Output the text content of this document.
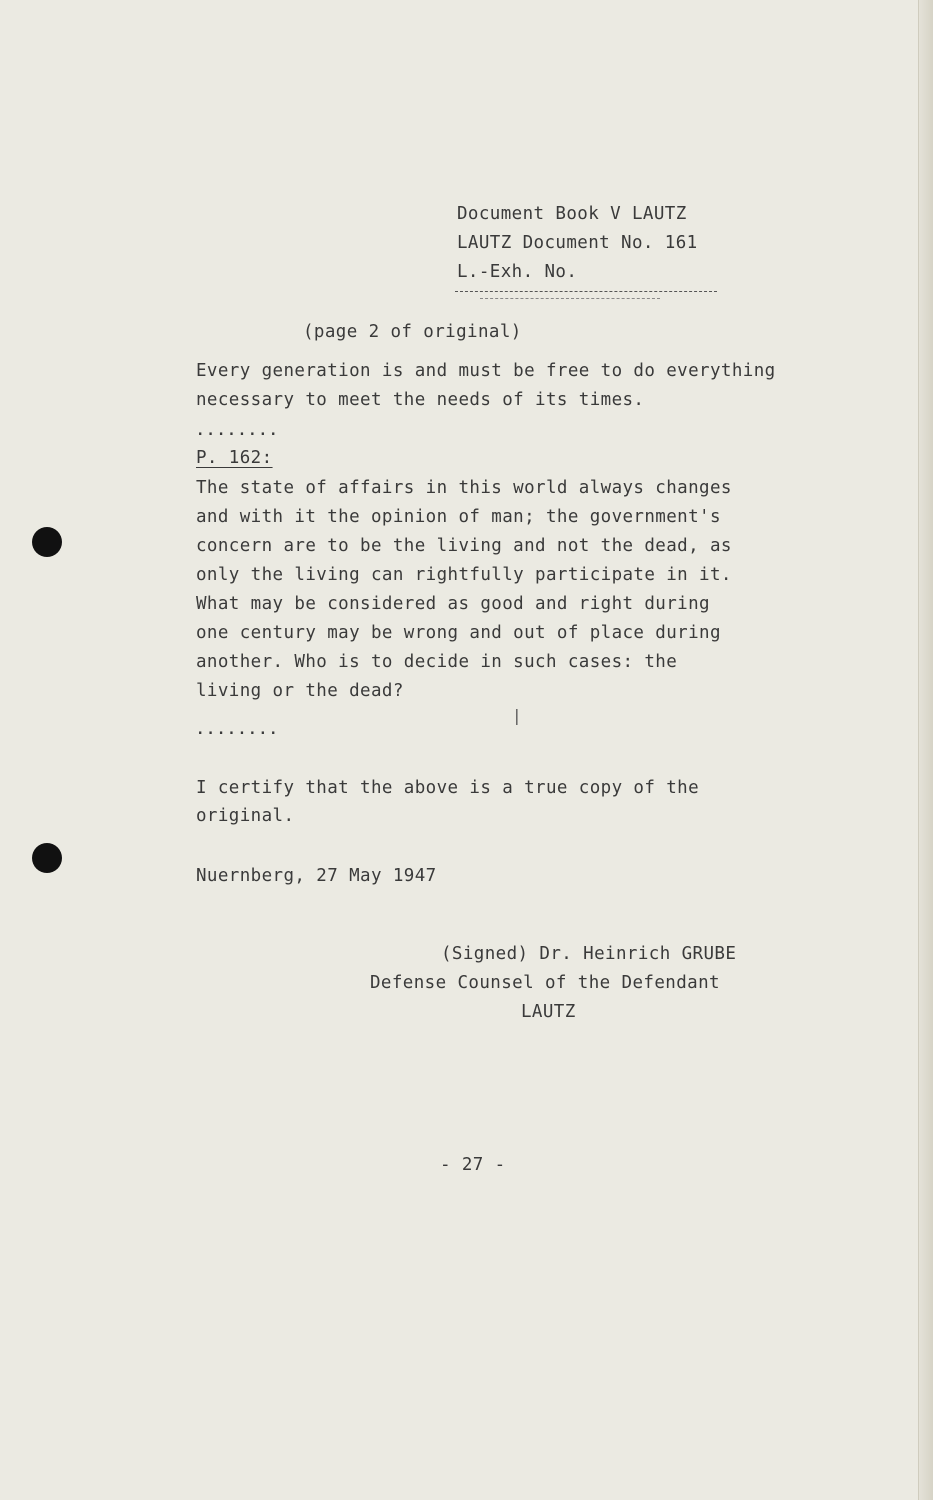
Document Book V LAUTZ
LAUTZ Document No. 161
L.-Exh. No.
(page 2 of original)
Every generation is and must be free to do everything
necessary to meet the needs of its times.
........
P. 162:
The state of affairs in this world always changes
and with it the opinion of man; the government's
concern are to be the living and not the dead, as
only the living can rightfully participate in it.
What may be considered as good and right during
one century may be wrong and out of place during
another. Who is to decide in such cases: the
living or the dead?
|
........
I certify that the above is a true copy of the
original.
Nuernberg, 27 May 1947
(Signed) Dr. Heinrich GRUBE
Defense Counsel of the Defendant
LAUTZ
- 27 -
